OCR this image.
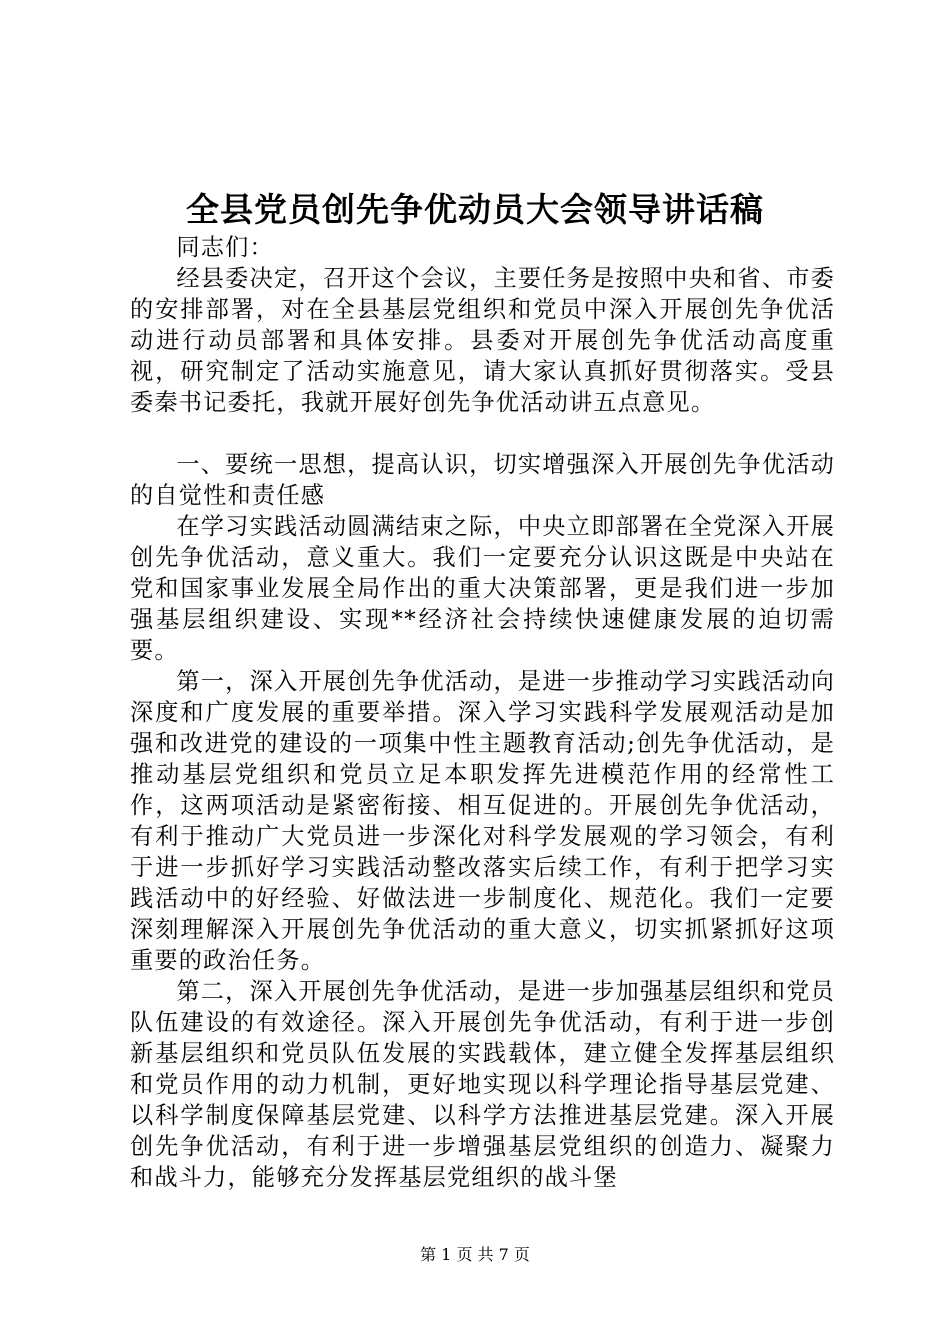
全县党员创先争优动员大会领导讲话稿

同志们：

经县委决定，召开这个会议，主要任务是按照中央和省、市委的安排部署，对在全县基层党组织和党员中深入开展创先争优活动进行动员部署和具体安排。县委对开展创先争优活动高度重视，研究制定了活动实施意见，请大家认真抓好贯彻落实。受县委秦书记委托，我就开展好创先争优活动讲五点意见。

一、要统一思想，提高认识，切实增强深入开展创先争优活动的自觉性和责任感

在学习实践活动圆满结束之际，中央立即部署在全党深入开展创先争优活动，意义重大。我们一定要充分认识这既是中央站在党和国家事业发展全局作出的重大决策部署，更是我们进一步加强基层组织建设、实现**经济社会持续快速健康发展的迫切需要。

第一，深入开展创先争优活动，是进一步推动学习实践活动向深度和广度发展的重要举措。深入学习实践科学发展观活动是加强和改进党的建设的一项集中性主题教育活动;创先争优活动，是推动基层党组织和党员立足本职发挥先进模范作用的经常性工作，这两项活动是紧密衔接、相互促进的。开展创先争优活动，有利于推动广大党员进一步深化对科学发展观的学习领会，有利于进一步抓好学习实践活动整改落实后续工作，有利于把学习实践活动中的好经验、好做法进一步制度化、规范化。我们一定要深刻理解深入开展创先争优活动的重大意义，切实抓紧抓好这项重要的政治任务。

第二，深入开展创先争优活动，是进一步加强基层组织和党员队伍建设的有效途径。深入开展创先争优活动，有利于进一步创新基层组织和党员队伍发展的实践载体，建立健全发挥基层组织和党员作用的动力机制，更好地实现以科学理论指导基层党建、以科学制度保障基层党建、以科学方法推进基层党建。深入开展创先争优活动，有利于进一步增强基层党组织的创造力、凝聚力和战斗力，能够充分发挥基层党组织的战斗堡

第 1 页 共 7 页
